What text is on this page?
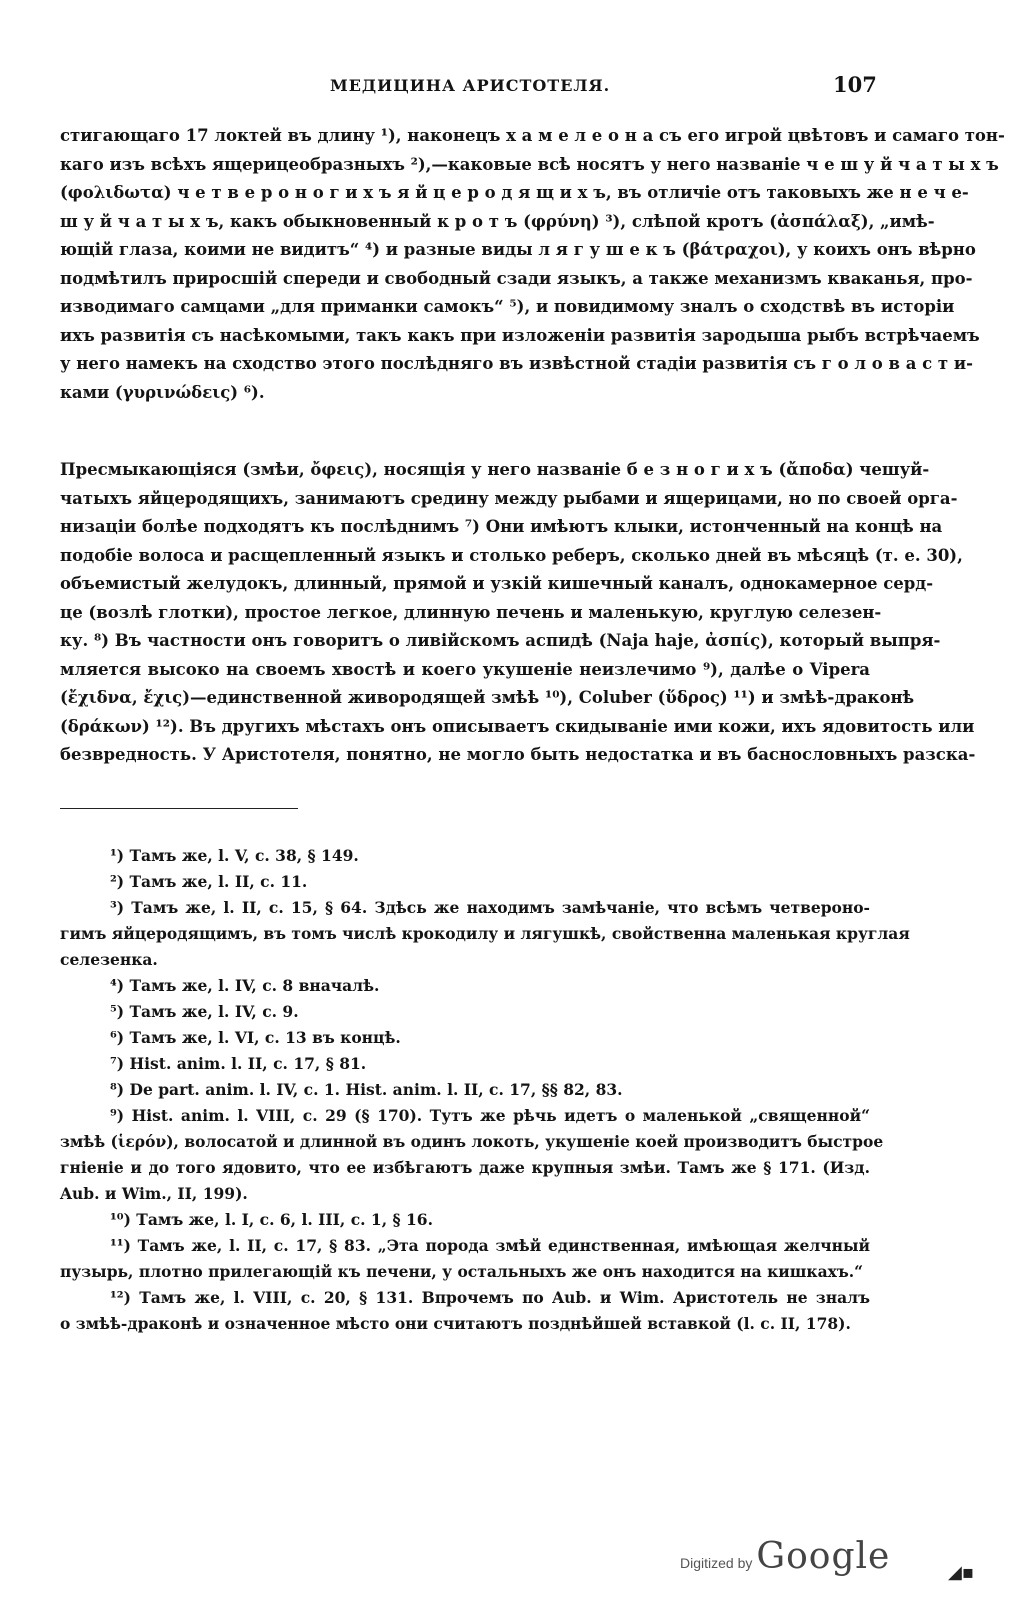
МЕДИЦИНА АРИСТОТЕЛЯ.	107
стигающаго 17 локтей въ длину ¹), наконецъ х а м е л е о н а съ его игрой цвѣтовъ и самаго тон-
каго изъ всѣхъ ящерицеобразныхъ ²),—каковые всѣ носятъ у него названіе ч е ш у й ч а т ы х ъ
(φολιδωτα) ч е т в е р о н о г и х ъ я й ц е р о д я щ и х ъ, въ отличіе отъ таковыхъ же н е ч е-
ш у й ч а т ы х ъ, какъ обыкновенный к р о т ъ (φρύνη) ³), слѣпой кротъ (ἀσπάλαξ), „имѣ-
ющій глаза, коими не видитъ“ ⁴) и разные виды л я г у ш е к ъ (βάτραχοι), у коихъ онъ вѣрно
подмѣтилъ приросшій спереди и свободный сзади языкъ, а также механизмъ кваканья, про-
изводимаго самцами „для приманки самокъ“ ⁵), и повидимому зналъ о сходствѣ въ исторіи
ихъ развитія съ насѣкомыми, такъ какъ при изложеніи развитія зародыша рыбъ встрѣчаемъ
у него намекъ на сходство этого послѣдняго въ извѣстной стадіи развитія съ г о л о в а с т и-
ками (γυρινώδεις) ⁶).
Пресмыкающіяся (змѣи, ὄφεις), носящія у него названіе б е з н о г и х ъ (ἄποδα) чешуй-
чатыхъ яйцеродящихъ, занимаютъ средину между рыбами и ящерицами, но по своей орга-
низаціи болѣе подходятъ къ послѣднимъ ⁷) Они имѣютъ клыки, истонченный на концѣ на
подобіе волоса и расщепленный языкъ и столько реберъ, сколько дней въ мѣсяцѣ (т. е. 30),
объемистый желудокъ, длинный, прямой и узкій кишечный каналъ, однокамерное серд-
це (возлѣ глотки), простое легкое, длинную печень и маленькую, круглую селезен-
ку. ⁸) Въ частности онъ говоритъ о ливійскомъ аспидѣ (Naja haje, ἀσπίς), который выпря-
мляется высоко на своемъ хвостѣ и коего укушеніе неизлечимо ⁹), далѣе о Vipera
(ἔχιδνα, ἔχις)—единственной живородящей змѣѣ ¹⁰), Coluber (ὕδρος) ¹¹) и змѣѣ-драконѣ
(δράκων) ¹²). Въ другихъ мѣстахъ онъ описываетъ скидываніе ими кожи, ихъ ядовитость или
безвредность. У Аристотеля, понятно, не могло быть недостатка и въ баснословныхъ разска-
¹) Тамъ же, l. V, c. 38, § 149.
²) Тамъ же, l. II, c. 11.
³) Тамъ же, l. II, c. 15, § 64. Здѣсь же находимъ замѣчаніе, что всѣмъ четвероно-
гимъ яйцеродящимъ, въ томъ числѣ крокодилу и лягушкѣ, свойственна маленькая круглая
селезенка.
⁴) Тамъ же, l. IV, c. 8 вначалѣ.
⁵) Тамъ же, l. IV, c. 9.
⁶) Тамъ же, l. VI, c. 13 въ концѣ.
⁷) Hist. anim. l. II, c. 17, § 81.
⁸) De part. anim. l. IV, c. 1. Hist. anim. l. II, c. 17, §§ 82, 83.
⁹) Hist. anim. l. VIII, c. 29 (§ 170). Тутъ же рѣчь идетъ о маленькой „священной“
змѣѣ (ἱερόν), волосатой и длинной въ одинъ локоть, укушеніе коей производитъ быстрое
гніеніе и до того ядовито, что ее избѣгаютъ даже крупныя змѣи. Тамъ же § 171. (Изд.
Aub. и Wim., II, 199).
¹⁰) Тамъ же, l. I, c. 6, l. III, c. 1, § 16.
¹¹) Тамъ же, l. II, c. 17, § 83. „Эта порода змѣй единственная, имѣющая желчный
пузырь, плотно прилегающій къ печени, у остальныхъ же онъ находится на кишкахъ.“
¹²) Тамъ же, l. VIII, c. 20, § 131. Впрочемъ по Aub. и Wim. Аристотель не зналъ
о змѣѣ-драконѣ и означенное мѣсто они считаютъ позднѣйшей вставкой (l. c. II, 178).
Digitized by Google	◢▪
